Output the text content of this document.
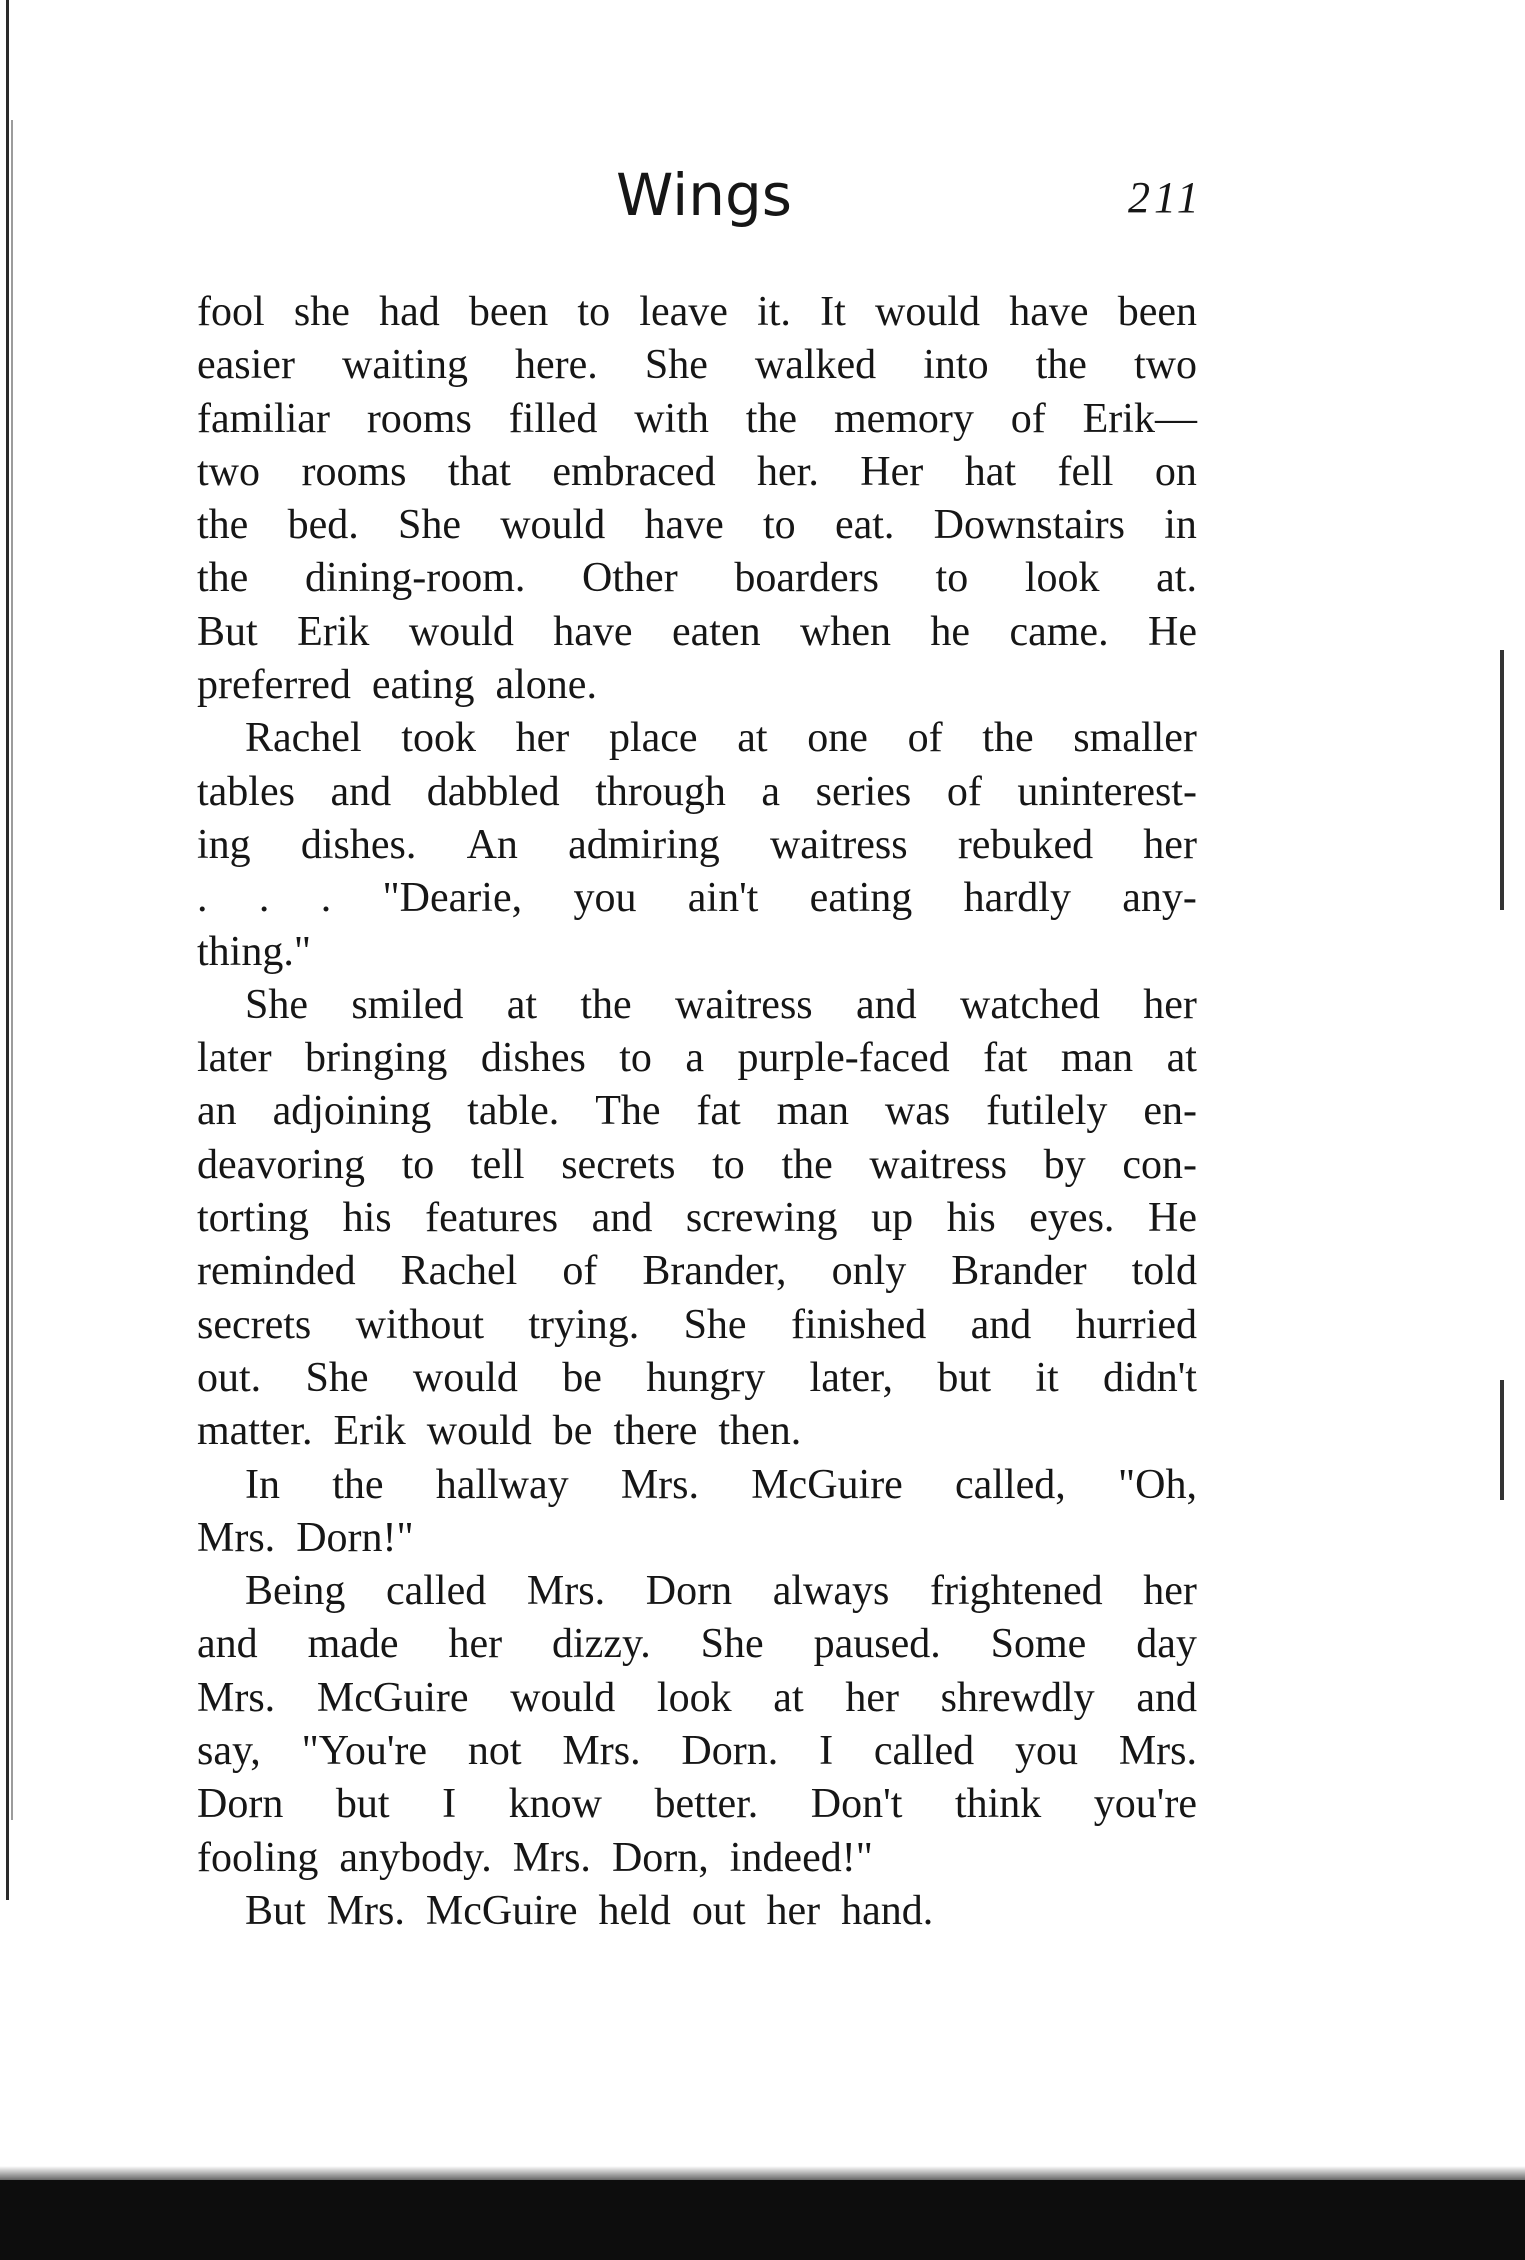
Wings	211
fool she had been to leave it. It would have been
easier waiting here. She walked into the two
familiar rooms filled with the memory of Erik—
two rooms that embraced her. Her hat fell on
the bed. She would have to eat. Downstairs in
the dining-room. Other boarders to look at.
But Erik would have eaten when he came. He
preferred
eating
alone.
Rachel took her place at one of the smaller
tables and dabbled through a series of uninterest-
ing dishes. An admiring waitress rebuked her
. . . "Dearie, you ain't eating hardly any-
thing."
She smiled at the waitress and watched her
later bringing dishes to a purple-faced fat man at
an adjoining table. The fat man was futilely en-
deavoring to tell secrets to the waitress by con-
torting his features and screwing up his eyes. He
reminded Rachel of Brander, only Brander told
secrets without trying. She finished and hurried
out. She would be hungry later, but it didn't
matter.
Erik
would
be
there
then.
In the hallway Mrs. McGuire called, "Oh,
Mrs.
Dorn!"
Being called Mrs. Dorn always frightened her
and made her dizzy. She paused. Some day
Mrs. McGuire would look at her shrewdly and
say, "You're not Mrs. Dorn. I called you Mrs.
Dorn but I know better. Don't think you're
fooling
anybody.
Mrs.
Dorn,
indeed!"
But
Mrs.
McGuire
held
out
her
hand.
